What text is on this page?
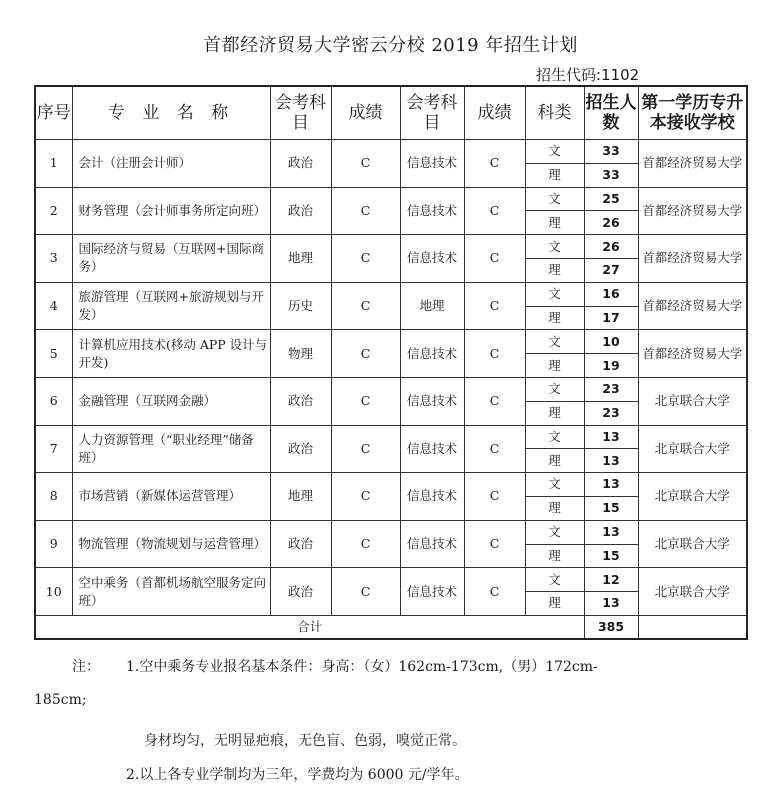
首都经济贸易大学密云分校 2019 年招生计划
招生代码:1102
序号	专 业 名 称	会考科目	成绩	会考科目	成绩	科类	招生人数	第一学历专升本接收学校
1	会计（注册会计师）	政治	C	信息技术	C	文	33	首都经济贸易大学
						理	33	
2	财务管理（会计师事务所定向班）	政治	C	信息技术	C	文	25	首都经济贸易大学
						理	26	
3	国际经济与贸易（互联网+国际商务）	地理	C	信息技术	C	文	26	首都经济贸易大学
						理	27	
4	旅游管理（互联网+旅游规划与开发）	历史	C	地理	C	文	16	首都经济贸易大学
						理	17	
5	计算机应用技术(移动 APP 设计与开发)	物理	C	信息技术	C	文	10	首都经济贸易大学
						理	19	
6	金融管理（互联网金融）	政治	C	信息技术	C	文	23	北京联合大学
						理	23	
7	人力资源管理（“职业经理”储备班）	政治	C	信息技术	C	文	13	北京联合大学
						理	13	
8	市场营销（新媒体运营管理）	地理	C	信息技术	C	文	13	北京联合大学
						理	15	
9	物流管理（物流规划与运营管理）	政治	C	信息技术	C	文	13	北京联合大学
						理	15	
10	空中乘务（首都机场航空服务定向班）	政治	C	信息技术	C	文	12	北京联合大学
						理	13	
合计							385	
注： 1.空中乘务专业报名基本条件：身高：（女）162cm-173cm,（男）172cm-
185cm;
身材均匀，无明显疤痕，无色盲、色弱，嗅觉正常。
2.以上各专业学制均为三年，学费均为 6000 元/学年。
